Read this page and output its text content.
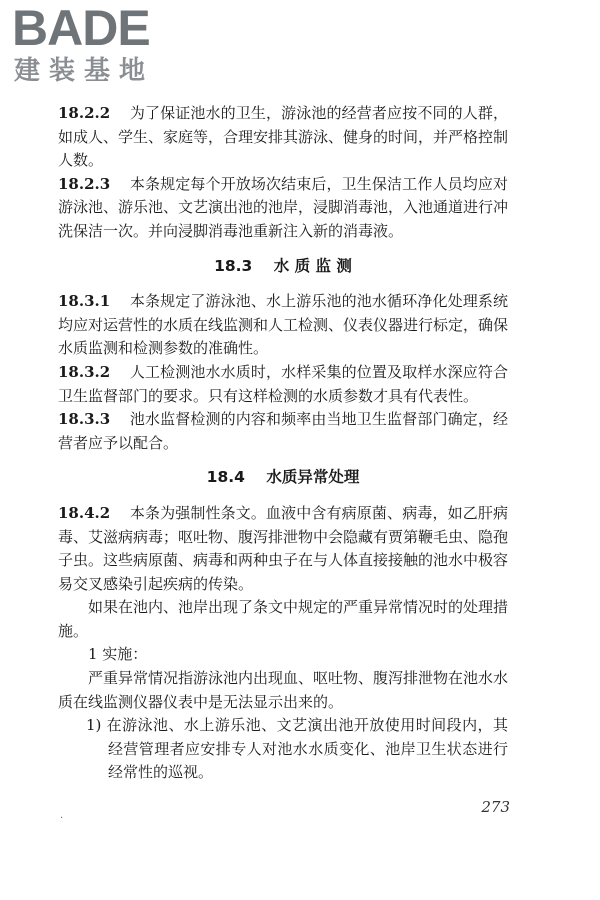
BADE
建装基地

18.2.2 为了保证池水的卫生，游泳池的经营者应按不同的人群，如成人、学生、家庭等，合理安排其游泳、健身的时间，并严格控制人数。

18.2.3 本条规定每个开放场次结束后，卫生保洁工作人员均应对游泳池、游乐池、文艺演出池的池岸，浸脚消毒池，入池通道进行冲洗保洁一次。并向浸脚消毒池重新注入新的消毒液。

18.3 水 质 监 测

18.3.1 本条规定了游泳池、水上游乐池的池水循环净化处理系统均应对运营性的水质在线监测和人工检测、仪表仪器进行标定，确保水质监测和检测参数的准确性。

18.3.2 人工检测池水水质时，水样采集的位置及取样水深应符合卫生监督部门的要求。只有这样检测的水质参数才具有代表性。

18.3.3 池水监督检测的内容和频率由当地卫生监督部门确定，经营者应予以配合。

18.4 水质异常处理

18.4.2 本条为强制性条文。血液中含有病原菌、病毒，如乙肝病毒、艾滋病病毒；呕吐物、腹泻排泄物中会隐藏有贾第鞭毛虫、隐孢子虫。这些病原菌、病毒和两种虫子在与人体直接接触的池水中极容易交叉感染引起疾病的传染。

如果在池内、池岸出现了条文中规定的严重异常情况时的处理措施。

1 实施：

严重异常情况指游泳池内出现血、呕吐物、腹泻排泄物在池水水质在线监测仪器仪表中是无法显示出来的。

1) 在游泳池、水上游乐池、文艺演出池开放使用时间段内，其经营管理者应安排专人对池水水质变化、池岸卫生状态进行经常性的巡视。

.	273
